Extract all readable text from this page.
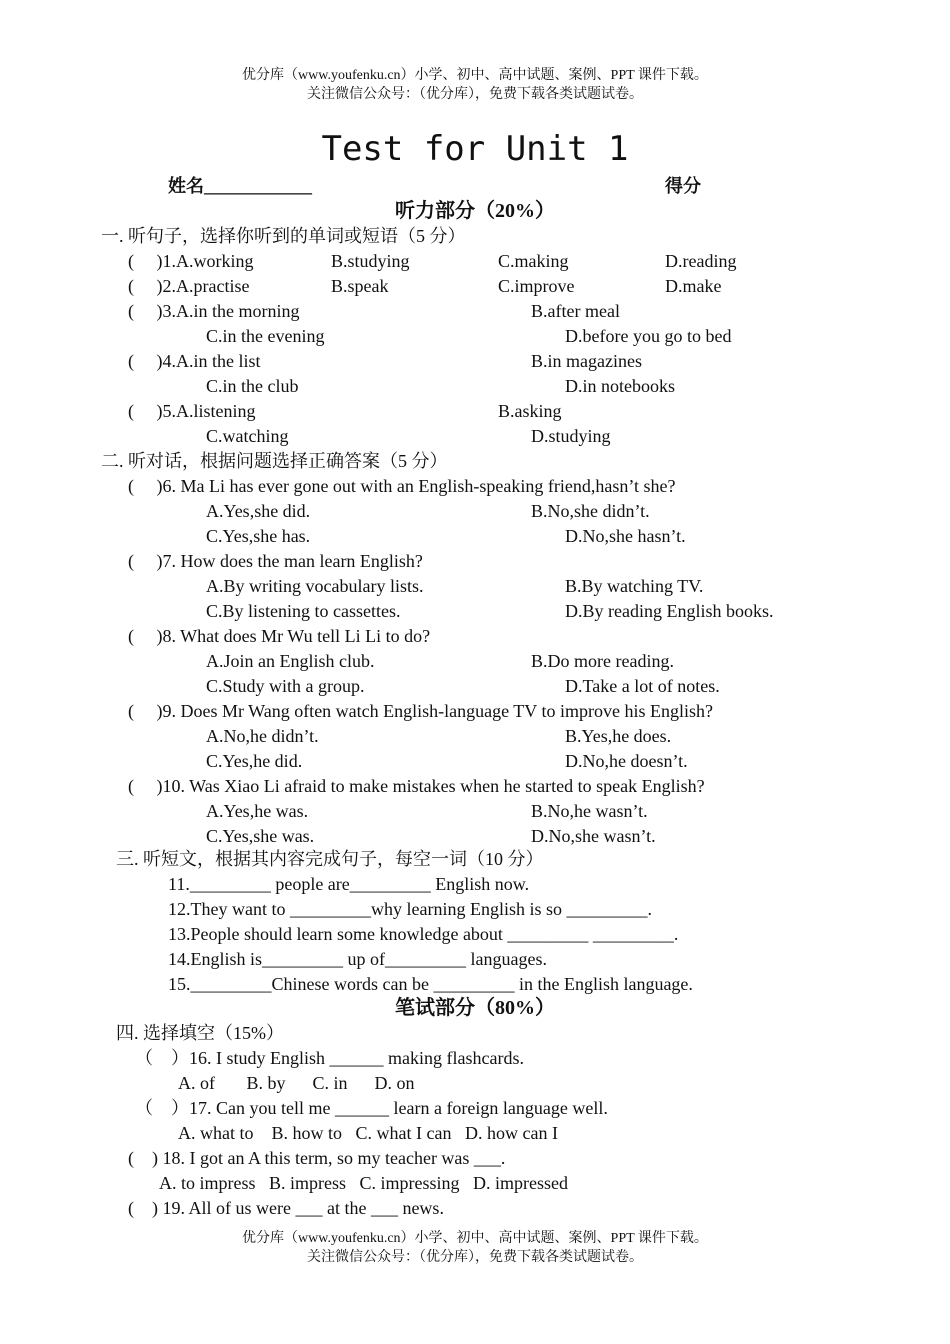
优分库（www.youfenku.cn）小学、初中、高中试题、案例、PPT 课件下载。
关注微信公众号：（优分库），免费下载各类试题试卷。
Test for Unit 1
姓名____________	得分
听力部分（20%）
一. 听句子，选择你听到的单词或短语（5 分）
(     )1.A.working	B.studying	C.making	D.reading
(     )2.A.practise	B.speak	C.improve	D.make
(     )3.A.in the morning	B.after meal
C.in the evening	D.before you go to bed
(     )4.A.in the list	B.in magazines
C.in the club	D.in notebooks
(     )5.A.listening	B.asking
C.watching	D.studying
二. 听对话，根据问题选择正确答案（5 分）
(     )6. Ma Li has ever gone out with an English-speaking friend,hasn’t she?
A.Yes,she did.	B.No,she didn’t.
C.Yes,she has.	D.No,she hasn’t.
(     )7. How does the man learn English?
A.By writing vocabulary lists.	B.By watching TV.
C.By listening to cassettes.	D.By reading English books.
(     )8. What does Mr Wu tell Li Li to do?
A.Join an English club.	B.Do more reading.
C.Study with a group.	D.Take a lot of notes.
(     )9. Does Mr Wang often watch English-language TV to improve his English?
A.No,he didn’t.	B.Yes,he does.
C.Yes,he did.	D.No,he doesn’t.
(     )10. Was Xiao Li afraid to make mistakes when he started to speak English?
A.Yes,he was.	B.No,he wasn’t.
C.Yes,she was.	D.No,she wasn’t.
三. 听短文，根据其内容完成句子，每空一词（10 分）
11._________ people are_________ English now.
12.They want to _________why learning English is so _________.
13.People should learn some knowledge about _________ _________.
14.English is_________ up of_________ languages.
15._________Chinese words can be _________ in the English language.
笔试部分（80%）
四. 选择填空（15%）
（    ）16. I study English ______ making flashcards.
A. of       B. by      C. in      D. on
（    ）17. Can you tell me ______ learn a foreign language well.
A. what to    B. how to   C. what I can   D. how can I
(    ) 18. I got an A this term, so my teacher was ___.
A. to impress   B. impress   C. impressing   D. impressed
(    ) 19. All of us were ___ at the ___ news.
优分库（www.youfenku.cn）小学、初中、高中试题、案例、PPT 课件下载。
关注微信公众号：（优分库），免费下载各类试题试卷。
